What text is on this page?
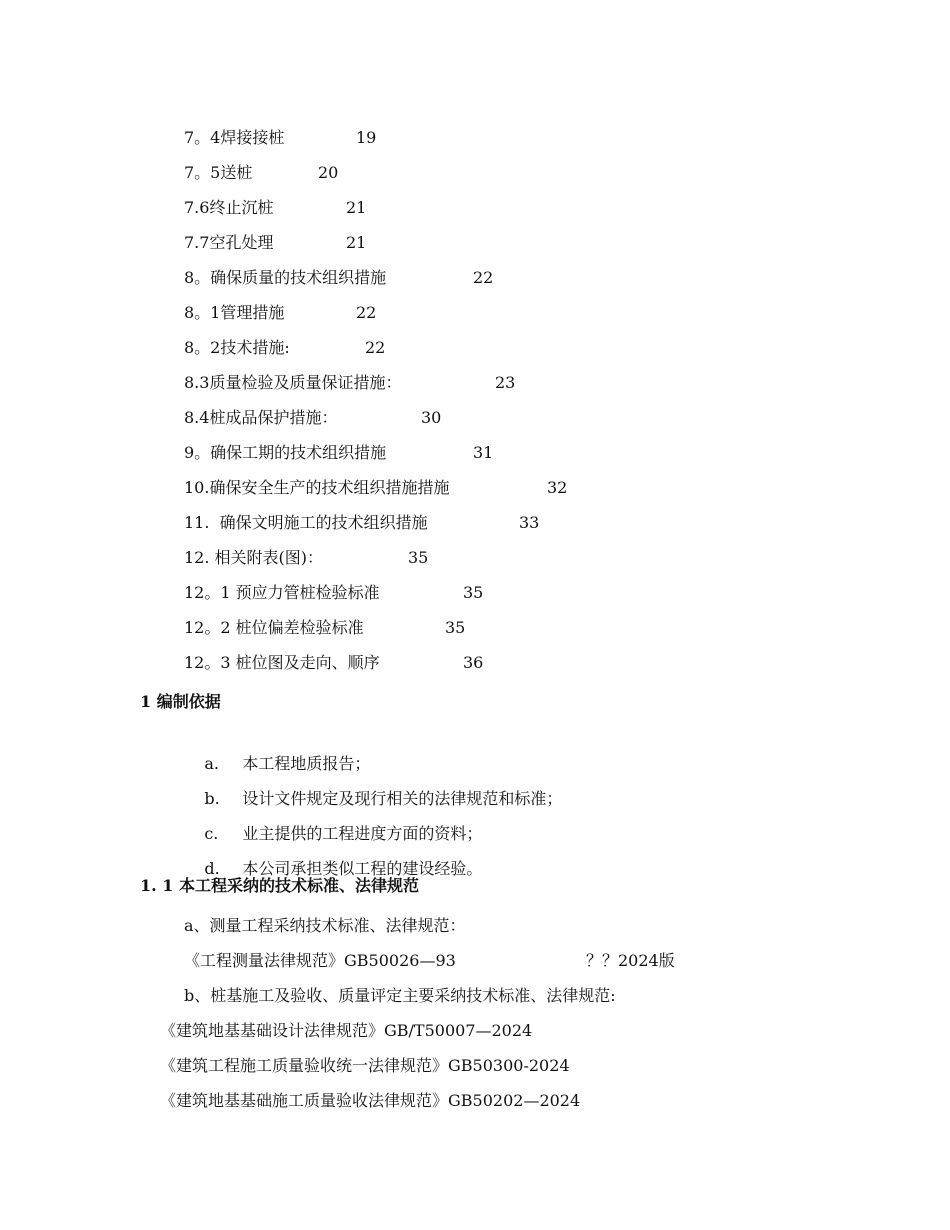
7。4焊接接桩	19
7。5送桩	20
7.6终止沉桩	21
7.7空孔处理	21
8。确保质量的技术组织措施	22
8。1管理措施	22
8。2技术措施:	22
8.3质量检验及质量保证措施：	23
8.4桩成品保护措施：	30
9。确保工期的技术组织措施	31
10.确保安全生产的技术组织措施措施	32
11.  确保文明施工的技术组织措施	33
12. 相关附表(图)：	35
12。1 预应力管桩检验标准	35
12。2 桩位偏差检验标准	35
12。3 桩位图及走向、顺序	36
1 编制依据

a. 本工程地质报告；

b. 设计文件规定及现行相关的法律规范和标准；

c. 业主提供的工程进度方面的资料；

d. 本公司承担类似工程的建设经验。

1. 1 本工程采纳的技术标准、法律规范
a、测量工程采纳技术标准、法律规范：
《工程测量法律规范》GB50026—93	？？2024版
b、桩基施工及验收、质量评定主要采纳技术标准、法律规范:
《建筑地基基础设计法律规范》GB/T50007—2024
《建筑工程施工质量验收统一法律规范》GB50300-2024
《建筑地基基础施工质量验收法律规范》GB50202—2024
